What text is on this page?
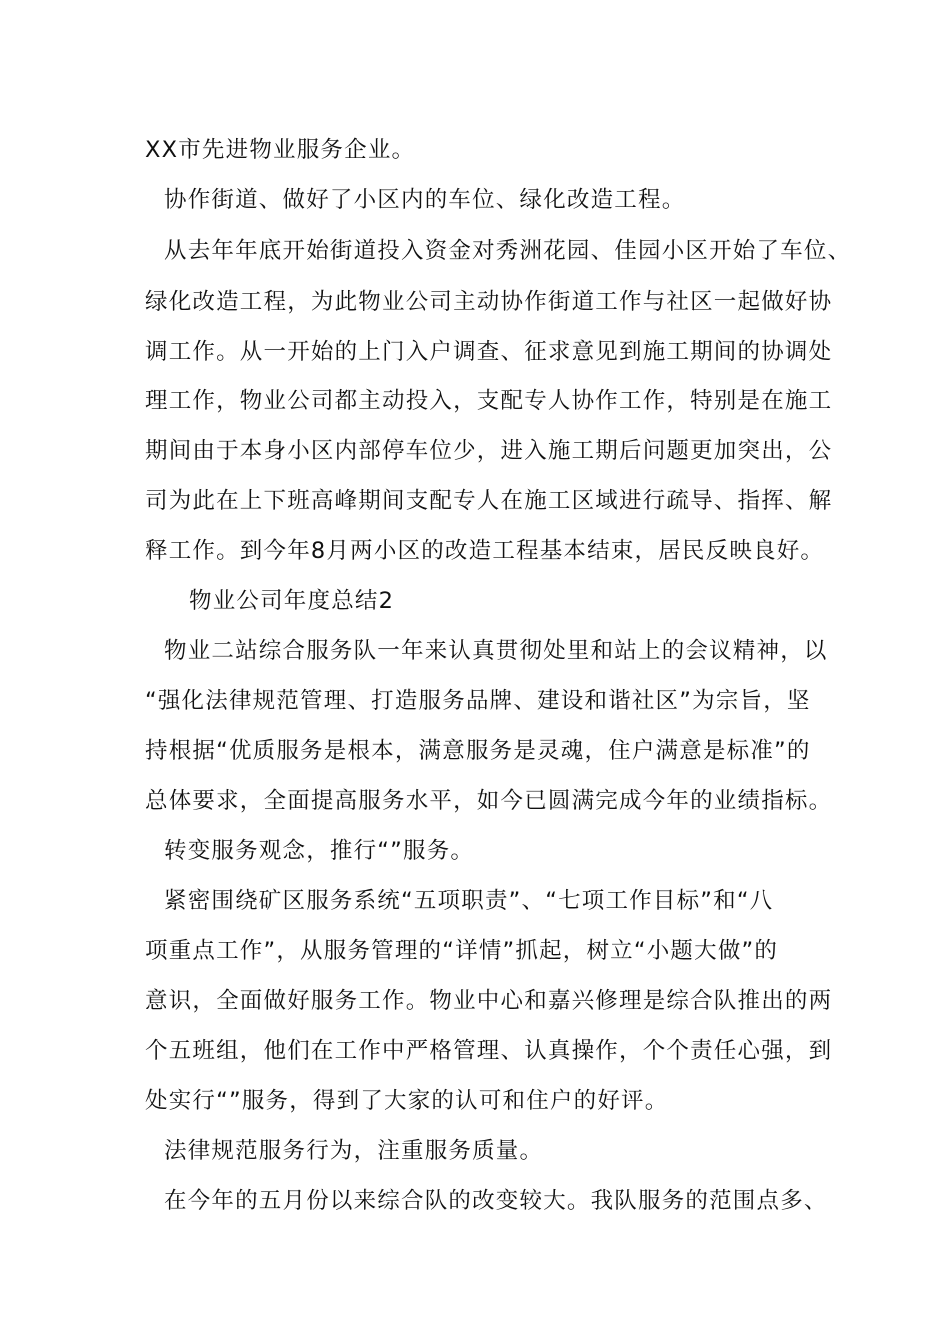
XX市先进物业服务企业。
协作街道、做好了小区内的车位、绿化改造工程。
从去年年底开始街道投入资金对秀洲花园、佳园小区开始了车位、
绿化改造工程，为此物业公司主动协作街道工作与社区一起做好协
调工作。从一开始的上门入户调查、征求意见到施工期间的协调处
理工作，物业公司都主动投入，支配专人协作工作，特别是在施工
期间由于本身小区内部停车位少，进入施工期后问题更加突出，公
司为此在上下班高峰期间支配专人在施工区域进行疏导、指挥、解
释工作。到今年8月两小区的改造工程基本结束，居民反映良好。
物业公司年度总结2
物业二站综合服务队一年来认真贯彻处里和站上的会议精神，以
“强化法律规范管理、打造服务品牌、建设和谐社区”为宗旨，坚
持根据“优质服务是根本，满意服务是灵魂，住户满意是标准”的
总体要求，全面提高服务水平，如今已圆满完成今年的业绩指标。
转变服务观念，推行“”服务。
紧密围绕矿区服务系统“五项职责”、“七项工作目标”和“八
项重点工作”，从服务管理的“详情”抓起，树立“小题大做”的
意识，全面做好服务工作。物业中心和嘉兴修理是综合队推出的两
个五班组，他们在工作中严格管理、认真操作，个个责任心强，到
处实行“”服务，得到了大家的认可和住户的好评。
法律规范服务行为，注重服务质量。
在今年的五月份以来综合队的改变较大。我队服务的范围点多、
